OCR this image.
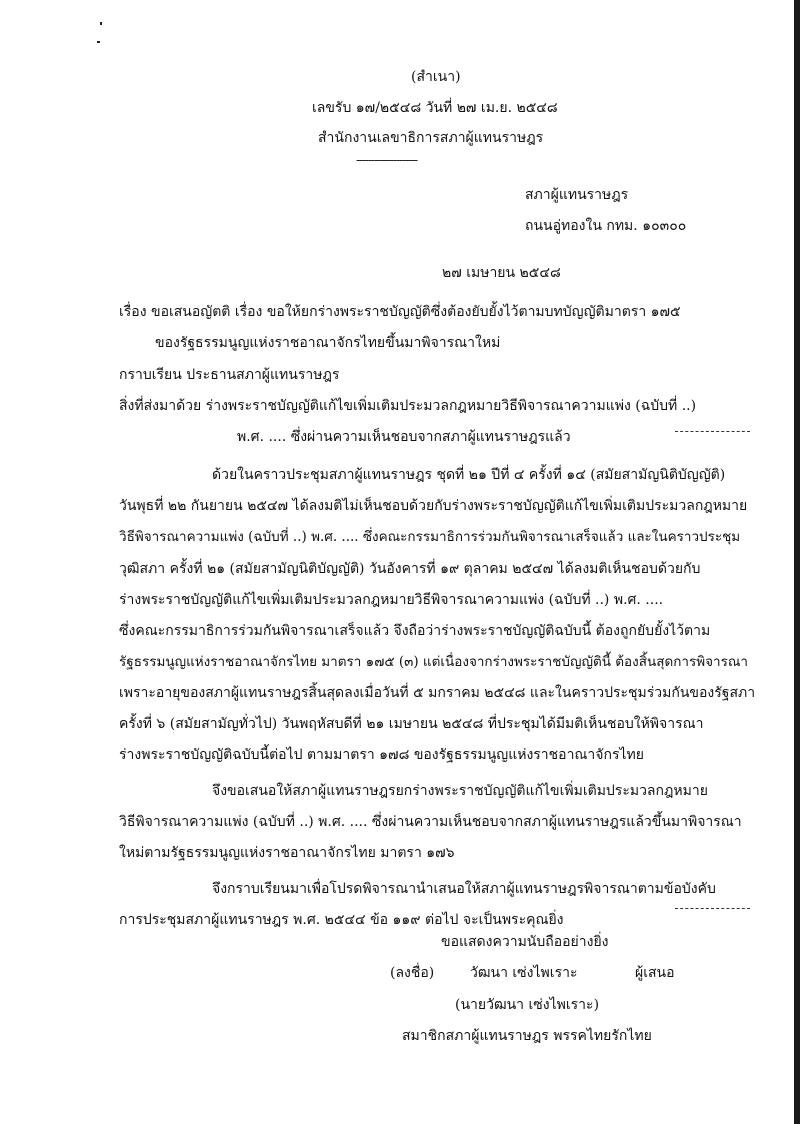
(สำเนา)
เลขรับ ๑๗/๒๕๔๘ วันที่ ๒๗ เม.ย. ๒๕๔๘
สำนักงานเลขาธิการสภาผู้แทนราษฎร
--------------------
สภาผู้แทนราษฎร
ถนนอู่ทองใน กทม. ๑๐๓๐๐
๒๗ เมษายน ๒๕๔๘
เรื่อง ขอเสนอญัตติ เรื่อง ขอให้ยกร่างพระราชบัญญัติซึ่งต้องยับยั้งไว้ตามบทบัญญัติมาตรา ๑๗๕
ของรัฐธรรมนูญแห่งราชอาณาจักรไทยขึ้นมาพิจารณาใหม่
กราบเรียน ประธานสภาผู้แทนราษฎร
สิ่งที่ส่งมาด้วย ร่างพระราชบัญญัติแก้ไขเพิ่มเติมประมวลกฎหมายวิธีพิจารณาความแพ่ง (ฉบับที่ ..)
พ.ศ. .... ซึ่งผ่านความเห็นชอบจากสภาผู้แทนราษฎรแล้ว
ด้วยในคราวประชุมสภาผู้แทนราษฎร ชุดที่ ๒๑ ปีที่ ๔ ครั้งที่ ๑๔ (สมัยสามัญนิติบัญญัติ)
วันพุธที่ ๒๒ กันยายน ๒๕๔๗ ได้ลงมติไม่เห็นชอบด้วยกับร่างพระราชบัญญัติแก้ไขเพิ่มเติมประมวลกฎหมาย
วิธีพิจารณาความแพ่ง (ฉบับที่ ..) พ.ศ. .... ซึ่งคณะกรรมาธิการร่วมกันพิจารณาเสร็จแล้ว และในคราวประชุม
วุฒิสภา ครั้งที่ ๒๑ (สมัยสามัญนิติบัญญัติ) วันอังคารที่ ๑๙ ตุลาคม ๒๕๔๗ ได้ลงมติเห็นชอบด้วยกับ
ร่างพระราชบัญญัติแก้ไขเพิ่มเติมประมวลกฎหมายวิธีพิจารณาความแพ่ง (ฉบับที่ ..) พ.ศ. ....
ซึ่งคณะกรรมาธิการร่วมกันพิจารณาเสร็จแล้ว จึงถือว่าร่างพระราชบัญญัติฉบับนี้ ต้องถูกยับยั้งไว้ตาม
รัฐธรรมนูญแห่งราชอาณาจักรไทย มาตรา ๑๗๕ (๓) แต่เนื่องจากร่างพระราชบัญญัตินี้ ต้องสิ้นสุดการพิจารณา
เพราะอายุของสภาผู้แทนราษฎรสิ้นสุดลงเมื่อวันที่ ๕ มกราคม ๒๕๔๘ และในคราวประชุมร่วมกันของรัฐสภา
ครั้งที่ ๖ (สมัยสามัญทั่วไป) วันพฤหัสบดีที่ ๒๑ เมษายน ๒๕๔๘ ที่ประชุมได้มีมติเห็นชอบให้พิจารณา
ร่างพระราชบัญญัติฉบับนี้ต่อไป ตามมาตรา ๑๗๘ ของรัฐธรรมนูญแห่งราชอาณาจักรไทย
จึงขอเสนอให้สภาผู้แทนราษฎรยกร่างพระราชบัญญัติแก้ไขเพิ่มเติมประมวลกฎหมาย
วิธีพิจารณาความแพ่ง (ฉบับที่ ..) พ.ศ. .... ซึ่งผ่านความเห็นชอบจากสภาผู้แทนราษฎรแล้วขึ้นมาพิจารณา
ใหม่ตามรัฐธรรมนูญแห่งราชอาณาจักรไทย มาตรา ๑๗๖
จึงกราบเรียนมาเพื่อโปรดพิจารณานำเสนอให้สภาผู้แทนราษฎรพิจารณาตามข้อบังคับ
การประชุมสภาผู้แทนราษฎร พ.ศ. ๒๕๔๔ ข้อ ๑๑๙ ต่อไป จะเป็นพระคุณยิ่ง
ขอแสดงความนับถืออย่างยิ่ง
(ลงชื่อ)	วัฒนา เซ่งไพเราะ	ผู้เสนอ
(นายวัฒนา เซ่งไพเราะ)
สมาชิกสภาผู้แทนราษฎร พรรคไทยรักไทย
